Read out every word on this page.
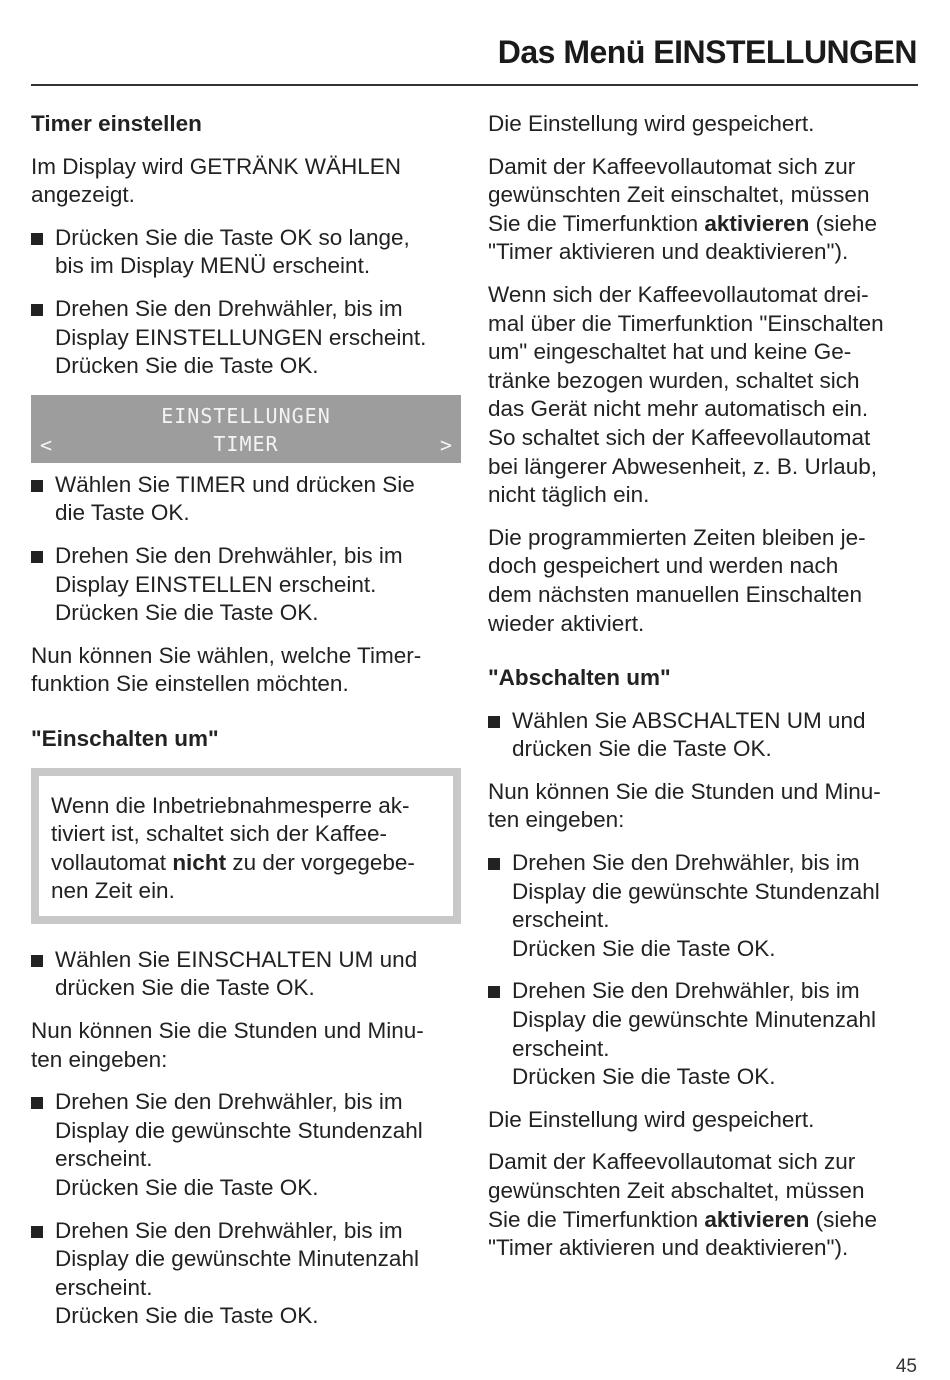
Das Menü EINSTELLUNGEN
Timer einstellen

Im Display wird GETRÄNK WÄHLEN
angezeigt.

Drücken Sie die Taste OK so lange,
bis im Display MENÜ erscheint.
Drehen Sie den Drehwähler, bis im
Display EINSTELLUNGEN erscheint.
Drücken Sie die Taste OK.
EINSTELLUNGEN
<	TIMER	>
Wählen Sie TIMER und drücken Sie
die Taste OK.
Drehen Sie den Drehwähler, bis im
Display EINSTELLEN erscheint.
Drücken Sie die Taste OK.

Nun können Sie wählen, welche Timer-
funktion Sie einstellen möchten.

"Einschalten um"

Wenn die Inbetriebnahmesperre ak-
tiviert ist, schaltet sich der Kaffee-
vollautomat nicht zu der vorgegebe-
nen Zeit ein.

Wählen Sie EINSCHALTEN UM und
drücken Sie die Taste OK.

Nun können Sie die Stunden und Minu-
ten eingeben:

Drehen Sie den Drehwähler, bis im
Display die gewünschte Stundenzahl
erscheint.
Drücken Sie die Taste OK.
Drehen Sie den Drehwähler, bis im
Display die gewünschte Minutenzahl
erscheint.
Drücken Sie die Taste OK.

Die Einstellung wird gespeichert.

Damit der Kaffeevollautomat sich zur
gewünschten Zeit einschaltet, müssen
Sie die Timerfunktion aktivieren (siehe
"Timer aktivieren und deaktivieren").

Wenn sich der Kaffeevollautomat drei-
mal über die Timerfunktion "Einschalten
um" eingeschaltet hat und keine Ge-
tränke bezogen wurden, schaltet sich
das Gerät nicht mehr automatisch ein.
So schaltet sich der Kaffeevollautomat
bei längerer Abwesenheit, z. B. Urlaub,
nicht täglich ein.

Die programmierten Zeiten bleiben je-
doch gespeichert und werden nach
dem nächsten manuellen Einschalten
wieder aktiviert.

"Abschalten um"
Wählen Sie ABSCHALTEN UM und
drücken Sie die Taste OK.

Nun können Sie die Stunden und Minu-
ten eingeben:

Drehen Sie den Drehwähler, bis im
Display die gewünschte Stundenzahl
erscheint.
Drücken Sie die Taste OK.
Drehen Sie den Drehwähler, bis im
Display die gewünschte Minutenzahl
erscheint.
Drücken Sie die Taste OK.

Die Einstellung wird gespeichert.

Damit der Kaffeevollautomat sich zur
gewünschten Zeit abschaltet, müssen
Sie die Timerfunktion aktivieren (siehe
"Timer aktivieren und deaktivieren").

45
